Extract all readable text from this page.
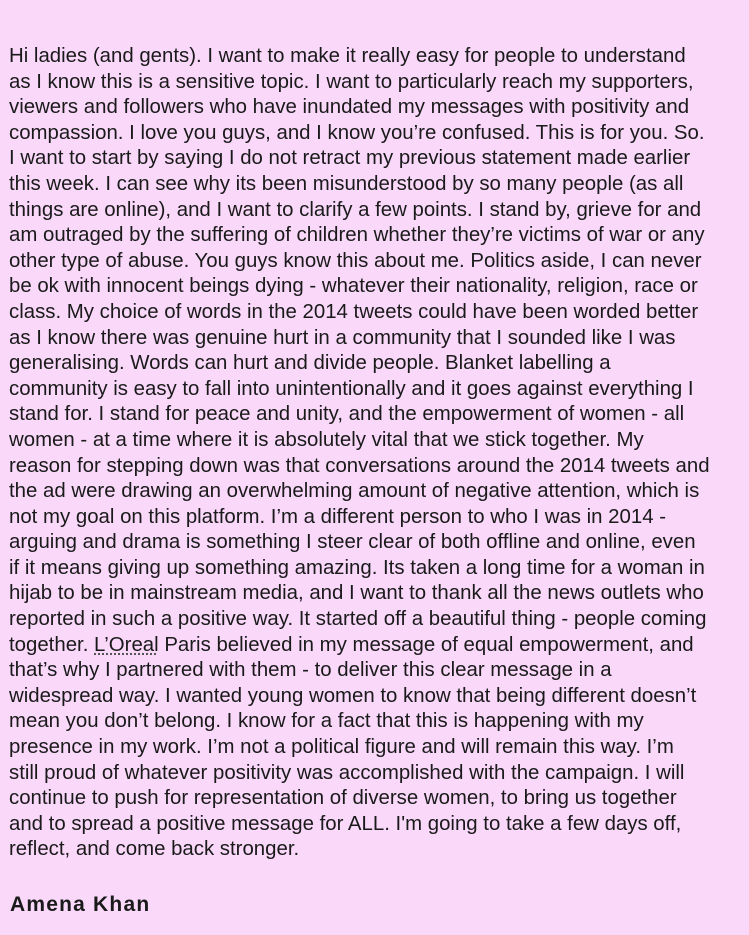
Hi ladies (and gents). I want to make it really easy for people to understand
as I know this is a sensitive topic. I want to particularly reach my supporters,
viewers and followers who have inundated my messages with positivity and
compassion. I love you guys, and I know you’re confused. This is for you. So.
I want to start by saying I do not retract my previous statement made earlier
this week. I can see why its been misunderstood by so many people (as all
things are online), and I want to clarify a few points. I stand by, grieve for and
am outraged by the suffering of children whether they’re victims of war or any
other type of abuse. You guys know this about me. Politics aside, I can never
be ok with innocent beings dying - whatever their nationality, religion, race or
class. My choice of words in the 2014 tweets could have been worded better
as I know there was genuine hurt in a community that I sounded like I was
generalising. Words can hurt and divide people. Blanket labelling a
community is easy to fall into unintentionally and it goes against everything I
stand for. I stand for peace and unity, and the empowerment of women - all
women - at a time where it is absolutely vital that we stick together. My
reason for stepping down was that conversations around the 2014 tweets and
the ad were drawing an overwhelming amount of negative attention, which is
not my goal on this platform. I’m a different person to who I was in 2014 -
arguing and drama is something I steer clear of both offline and online, even
if it means giving up something amazing. Its taken a long time for a woman in
hijab to be in mainstream media, and I want to thank all the news outlets who
reported in such a positive way. It started off a beautiful thing - people coming
together. L’Oreal Paris believed in my message of equal empowerment, and
that’s why I partnered with them - to deliver this clear message in a
widespread way. I wanted young women to know that being different doesn’t
mean you don’t belong. I know for a fact that this is happening with my
presence in my work. I’m not a political figure and will remain this way. I’m
still proud of whatever positivity was accomplished with the campaign. I will
continue to push for representation of diverse women, to bring us together
and to spread a positive message for ALL. I'm going to take a few days off,
reflect, and come back stronger.
Amena Khan
